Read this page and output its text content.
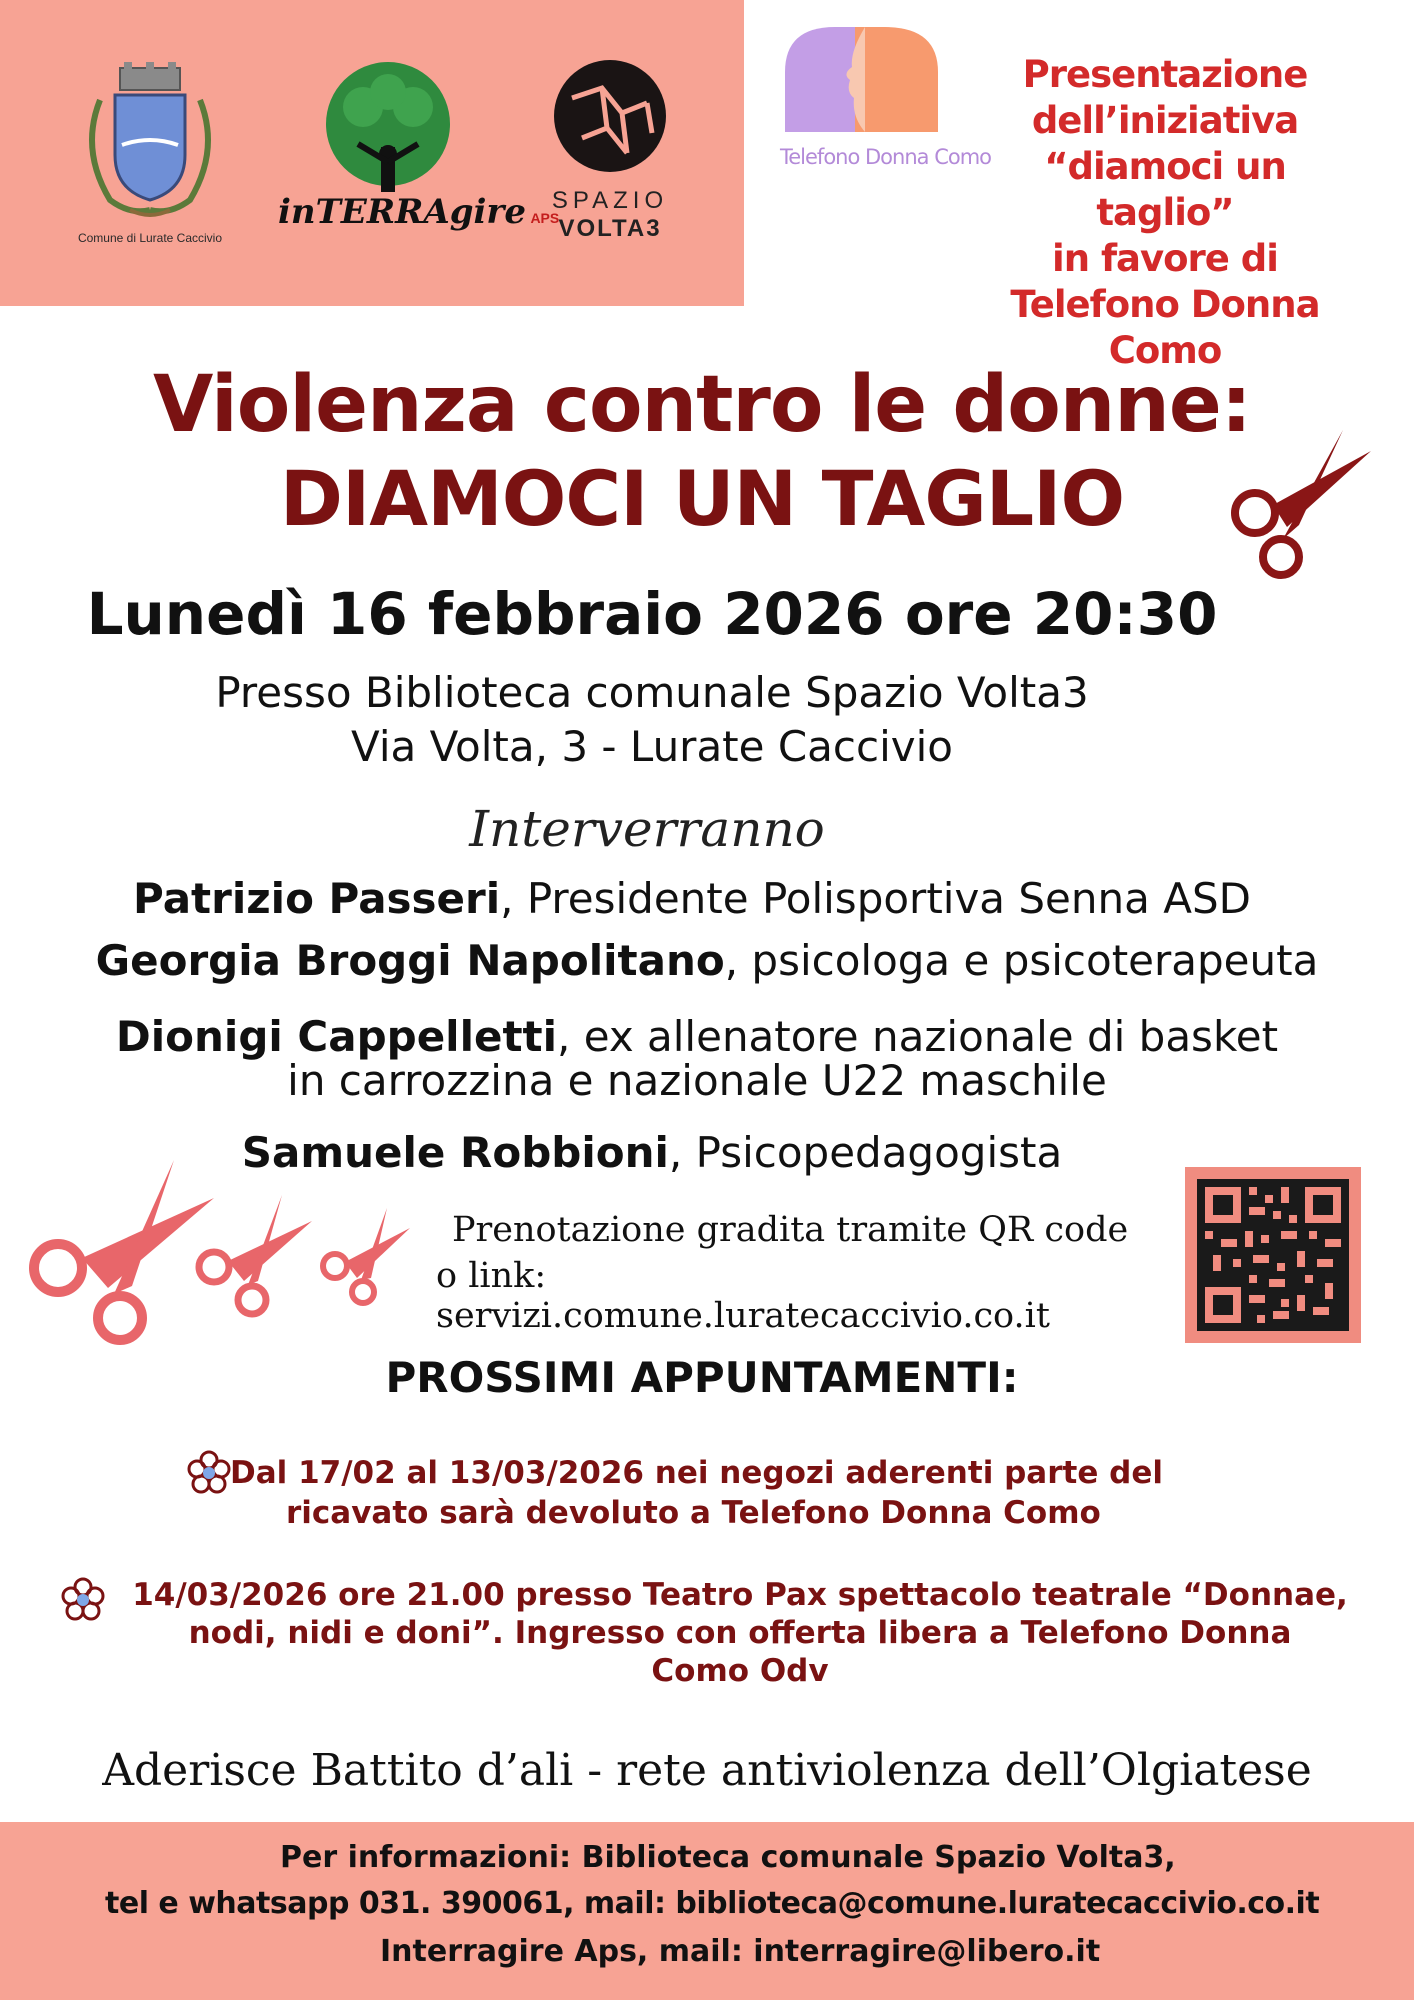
Comune di Lurate Caccivio
inTERRAgire APS
SPAZIO
VOLTA3
Telefono Donna Como
Presentazione
dell’iniziativa
“diamoci un taglio”
in favore di
Telefono Donna
Como
Violenza contro le donne:
DIAMOCI UN TAGLIO
Lunedì 16 febbraio 2026 ore 20:30
Presso Biblioteca comunale Spazio Volta3
Via Volta, 3 - Lurate Caccivio
Interverranno
Patrizio Passeri, Presidente Polisportiva Senna ASD
Georgia Broggi Napolitano, psicologa e psicoterapeuta
Dionigi Cappelletti, ex allenatore nazionale di basket
in carrozzina e nazionale U22 maschile
Samuele Robbioni, Psicopedagogista
Prenotazione gradita tramite QR code
o link: servizi.comune.luratecaccivio.co.it
PROSSIMI APPUNTAMENTI:
Dal 17/02 al 13/03/2026 nei negozi aderenti parte del
ricavato sarà devoluto a Telefono Donna Como
14/03/2026 ore 21.00 presso Teatro Pax spettacolo teatrale “Donnae,
nodi, nidi e doni”. Ingresso con offerta libera a Telefono Donna
Como Odv
Aderisce Battito d’ali - rete antiviolenza dell’Olgiatese
Per informazioni: Biblioteca comunale Spazio Volta3,
tel e whatsapp 031. 390061, mail: biblioteca@comune.luratecaccivio.co.it
Interragire Aps, mail: interragire@libero.it
